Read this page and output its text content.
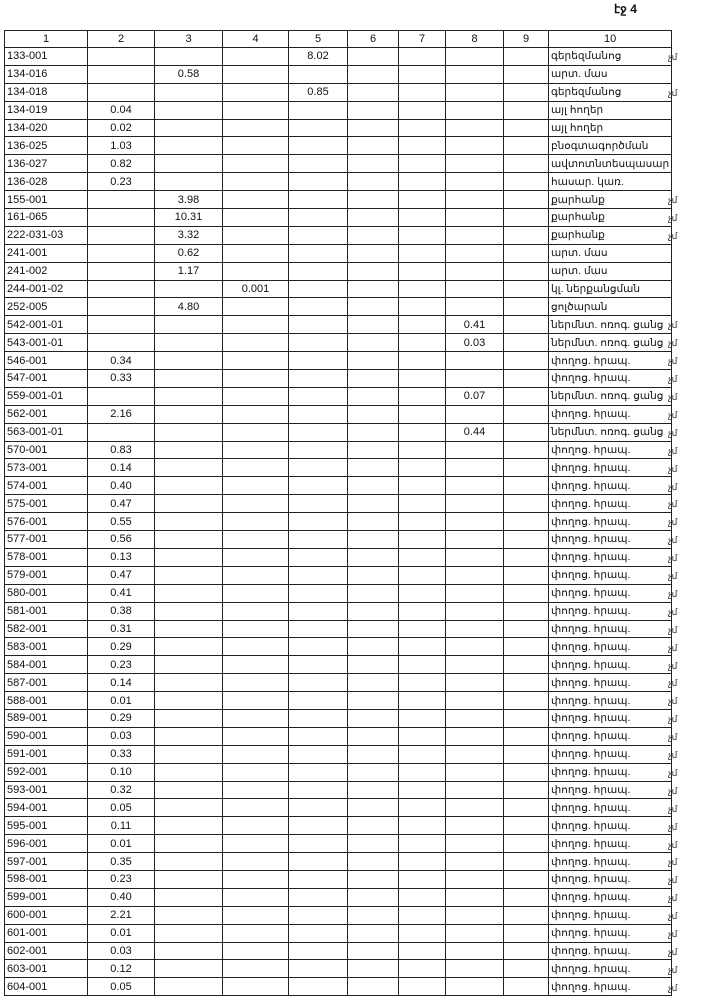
էջ 4
1	2	3	4	5	6	7	8	9	10
133-001				8.02					գերեզմանոց
134-016		0.58							արտ. մաս
134-018				0.85					գերեզմանոց
134-019	0.04								այլ հողեր
134-020	0.02								այլ հողեր
136-025	1.03								բնօգտագործման
136-027	0.82								ավտոտնտեսպասար
136-028	0.23								հասար. կառ.
155-001		3.98							քարհանք
161-065		10.31							քարհանք
222-031-03		3.32							քարհանք
241-001		0.62							արտ. մաս
241-002		1.17							արտ. մաս
244-001-02			0.001						կլ. ներքանցման
252-005		4.80							ցոլծարան
542-001-01							0.41		ներմնտ. ոռոգ. ցանց
543-001-01							0.03		ներմնտ. ոռոգ. ցանց
546-001	0.34								փողոց. հրապ.
547-001	0.33								փողոց. հրապ.
559-001-01							0.07		ներմնտ. ոռոգ. ցանց
562-001	2.16								փողոց. հրապ.
563-001-01							0.44		ներմնտ. ոռոգ. ցանց
570-001	0.83								փողոց. հրապ.
573-001	0.14								փողոց. հրապ.
574-001	0.40								փողոց. հրապ.
575-001	0.47								փողոց. հրապ.
576-001	0.55								փողոց. հրապ.
577-001	0.56								փողոց. հրապ.
578-001	0.13								փողոց. հրապ.
579-001	0.47								փողոց. հրապ.
580-001	0.41								փողոց. հրապ.
581-001	0.38								փողոց. հրապ.
582-001	0.31								փողոց. հրապ.
583-001	0.29								փողոց. հրապ.
584-001	0.23								փողոց. հրապ.
587-001	0.14								փողոց. հրապ.
588-001	0.01								փողոց. հրապ.
589-001	0.29								փողոց. հրապ.
590-001	0.03								փողոց. հրապ.
591-001	0.33								փողոց. հրապ.
592-001	0.10								փողոց. հրապ.
593-001	0.32								փողոց. հրապ.
594-001	0.05								փողոց. հրապ.
595-001	0.11								փողոց. հրապ.
596-001	0.01								փողոց. հրապ.
597-001	0.35								փողոց. հրապ.
598-001	0.23								փողոց. հրապ.
599-001	0.40								փողոց. հրապ.
600-001	2.21								փողոց. հրապ.
601-001	0.01								փողոց. հրապ.
602-001	0.03								փողոց. հրապ.
603-001	0.12								փողոց. հրապ.
604-001	0.05								փողոց. հրապ.
չմ
չմ
չմ
չմ
չմ
չմ
չմ
չմ
չմ
չմ
չմ
չմ
չմ
չմ
չմ
չմ
չմ
չմ
չմ
չմ
չմ
չմ
չմ
չմ
չմ
չմ
չմ
չմ
չմ
չմ
չմ
չմ
չմ
չմ
չմ
չմ
չմ
չմ
չմ
չմ
չմ
չմ
չմ
